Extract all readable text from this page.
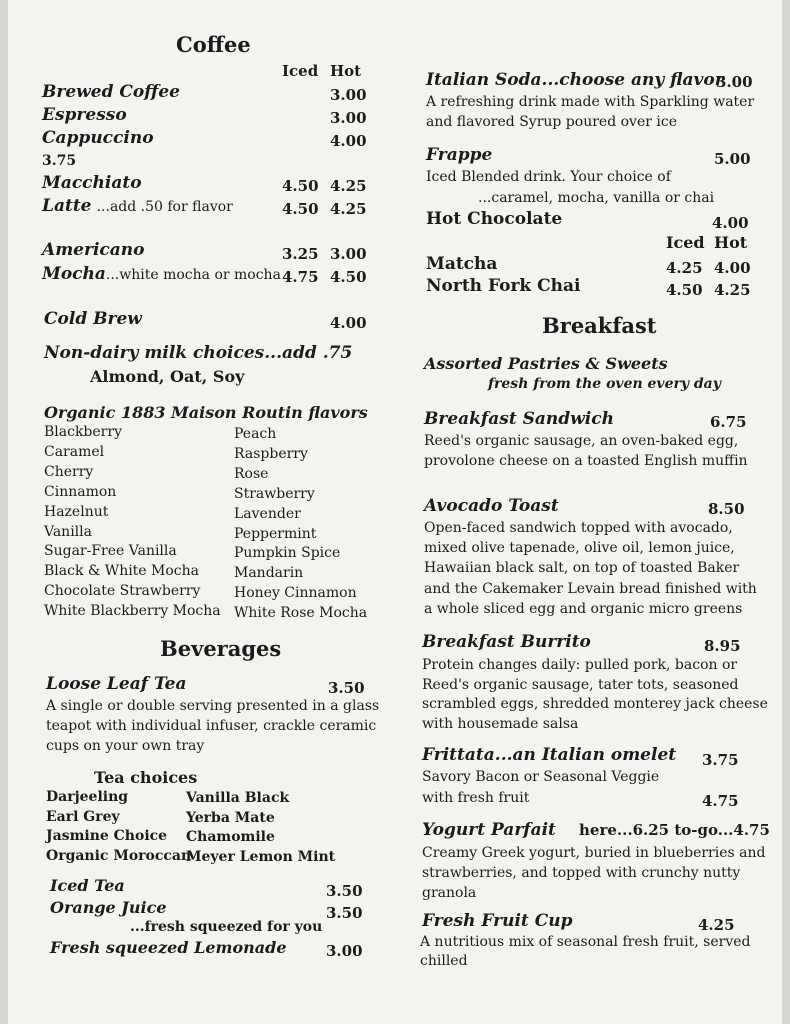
Coffee
Iced Hot
Brewed Coffee	3.00
Espresso	3.00
Cappuccino	4.00
3.75
Macchiato	4.50 4.25
Latte ...add .50 for flavor	4.50 4.25
Americano	3.25 3.00
Mocha...white mocha or mocha 4.75 4.50
Cold Brew	4.00
Non-dairy milk choices...add .75
Almond, Oat, Soy
Organic 1883 Maison Routin flavors
Blackberry
Caramel
Cherry
Cinnamon
Hazelnut
Vanilla
Sugar-Free Vanilla
Black & White Mocha
Chocolate Strawberry
White Blackberry Mocha
Peach
Raspberry
Rose
Strawberry
Lavender
Peppermint
Pumpkin Spice
Mandarin
Honey Cinnamon
White Rose Mocha
Beverages
Loose Leaf Tea	3.50
A single or double serving presented in a glass
teapot with individual infuser, crackle ceramic
cups on your own tray
Tea choices
Darjeeling
Earl Grey
Jasmine Choice
Organic Moroccan
Vanilla Black
Yerba Mate
Chamomile
Meyer Lemon Mint
Iced Tea	3.50
Orange Juice	3.50
...fresh squeezed for you
Fresh squeezed Lemonade	3.00
Italian Soda...choose any flavor
3.00
A refreshing drink made with Sparkling water
and flavored Syrup poured over ice
Frappe	5.00
Iced Blended drink. Your choice of
...caramel, mocha, vanilla or chai
Hot Chocolate	4.00
Iced Hot
Matcha	4.25 4.00
North Fork Chai	4.50 4.25
Breakfast
Assorted Pastries & Sweets
fresh from the oven every day
Breakfast Sandwich	6.75
Reed's organic sausage, an oven-baked egg,
provolone cheese on a toasted English muffin
Avocado Toast	8.50
Open-faced sandwich topped with avocado,
mixed olive tapenade, olive oil, lemon juice,
Hawaiian black salt, on top of toasted Baker
and the Cakemaker Levain bread finished with
a whole sliced egg and organic micro greens
Breakfast Burrito	8.95
Protein changes daily: pulled pork, bacon or
Reed's organic sausage, tater tots, seasoned
scrambled eggs, shredded monterey jack cheese
with housemade salsa
Frittata...an Italian omelet 3.75
Savory Bacon or Seasonal Veggie
with fresh fruit	4.75
Yogurt Parfait here...6.25 to-go...4.75
Creamy Greek yogurt, buried in blueberries and
strawberries, and topped with crunchy nutty
granola
Fresh Fruit Cup	4.25
A nutritious mix of seasonal fresh fruit, served
chilled
